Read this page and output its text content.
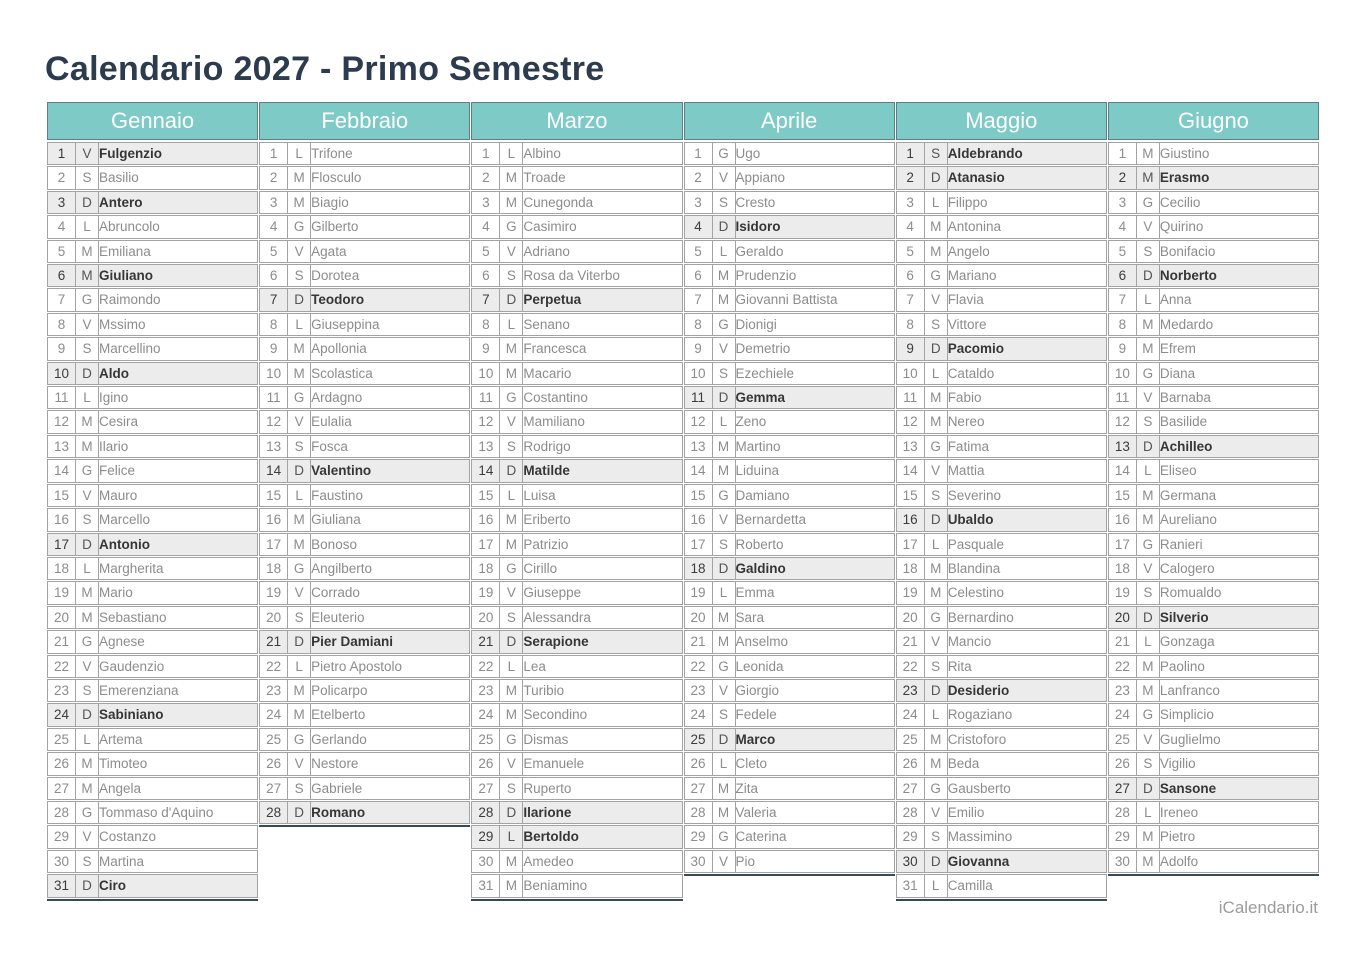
Calendario 2027 - Primo Semestre
Gennaio
1	V	Fulgenzio
2	S	Basilio
3	D	Antero
4	L	Abruncolo
5	M	Emiliana
6	M	Giuliano
7	G	Raimondo
8	V	Mssimo
9	S	Marcellino
10	D	Aldo
11	L	Igino
12	M	Cesira
13	M	Ilario
14	G	Felice
15	V	Mauro
16	S	Marcello
17	D	Antonio
18	L	Margherita
19	M	Mario
20	M	Sebastiano
21	G	Agnese
22	V	Gaudenzio
23	S	Emerenziana
24	D	Sabiniano
25	L	Artema
26	M	Timoteo
27	M	Angela
28	G	Tommaso d'Aquino
29	V	Costanzo
30	S	Martina
31	D	Ciro
Febbraio
1	L	Trifone
2	M	Flosculo
3	M	Biagio
4	G	Gilberto
5	V	Agata
6	S	Dorotea
7	D	Teodoro
8	L	Giuseppina
9	M	Apollonia
10	M	Scolastica
11	G	Ardagno
12	V	Eulalia
13	S	Fosca
14	D	Valentino
15	L	Faustino
16	M	Giuliana
17	M	Bonoso
18	G	Angilberto
19	V	Corrado
20	S	Eleuterio
21	D	Pier Damiani
22	L	Pietro Apostolo
23	M	Policarpo
24	M	Etelberto
25	G	Gerlando
26	V	Nestore
27	S	Gabriele
28	D	Romano
Marzo
1	L	Albino
2	M	Troade
3	M	Cunegonda
4	G	Casimiro
5	V	Adriano
6	S	Rosa da Viterbo
7	D	Perpetua
8	L	Senano
9	M	Francesca
10	M	Macario
11	G	Costantino
12	V	Mamiliano
13	S	Rodrigo
14	D	Matilde
15	L	Luisa
16	M	Eriberto
17	M	Patrizio
18	G	Cirillo
19	V	Giuseppe
20	S	Alessandra
21	D	Serapione
22	L	Lea
23	M	Turibio
24	M	Secondino
25	G	Dismas
26	V	Emanuele
27	S	Ruperto
28	D	Ilarione
29	L	Bertoldo
30	M	Amedeo
31	M	Beniamino
Aprile
1	G	Ugo
2	V	Appiano
3	S	Cresto
4	D	Isidoro
5	L	Geraldo
6	M	Prudenzio
7	M	Giovanni Battista
8	G	Dionigi
9	V	Demetrio
10	S	Ezechiele
11	D	Gemma
12	L	Zeno
13	M	Martino
14	M	Liduina
15	G	Damiano
16	V	Bernardetta
17	S	Roberto
18	D	Galdino
19	L	Emma
20	M	Sara
21	M	Anselmo
22	G	Leonida
23	V	Giorgio
24	S	Fedele
25	D	Marco
26	L	Cleto
27	M	Zita
28	M	Valeria
29	G	Caterina
30	V	Pio
Maggio
1	S	Aldebrando
2	D	Atanasio
3	L	Filippo
4	M	Antonina
5	M	Angelo
6	G	Mariano
7	V	Flavia
8	S	Vittore
9	D	Pacomio
10	L	Cataldo
11	M	Fabio
12	M	Nereo
13	G	Fatima
14	V	Mattia
15	S	Severino
16	D	Ubaldo
17	L	Pasquale
18	M	Blandina
19	M	Celestino
20	G	Bernardino
21	V	Mancio
22	S	Rita
23	D	Desiderio
24	L	Rogaziano
25	M	Cristoforo
26	M	Beda
27	G	Gausberto
28	V	Emilio
29	S	Massimino
30	D	Giovanna
31	L	Camilla
Giugno
1	M	Giustino
2	M	Erasmo
3	G	Cecilio
4	V	Quirino
5	S	Bonifacio
6	D	Norberto
7	L	Anna
8	M	Medardo
9	M	Efrem
10	G	Diana
11	V	Barnaba
12	S	Basilide
13	D	Achilleo
14	L	Eliseo
15	M	Germana
16	M	Aureliano
17	G	Ranieri
18	V	Calogero
19	S	Romualdo
20	D	Silverio
21	L	Gonzaga
22	M	Paolino
23	M	Lanfranco
24	G	Simplicio
25	V	Guglielmo
26	S	Vigilio
27	D	Sansone
28	L	Ireneo
29	M	Pietro
30	M	Adolfo
iCalendario.it
